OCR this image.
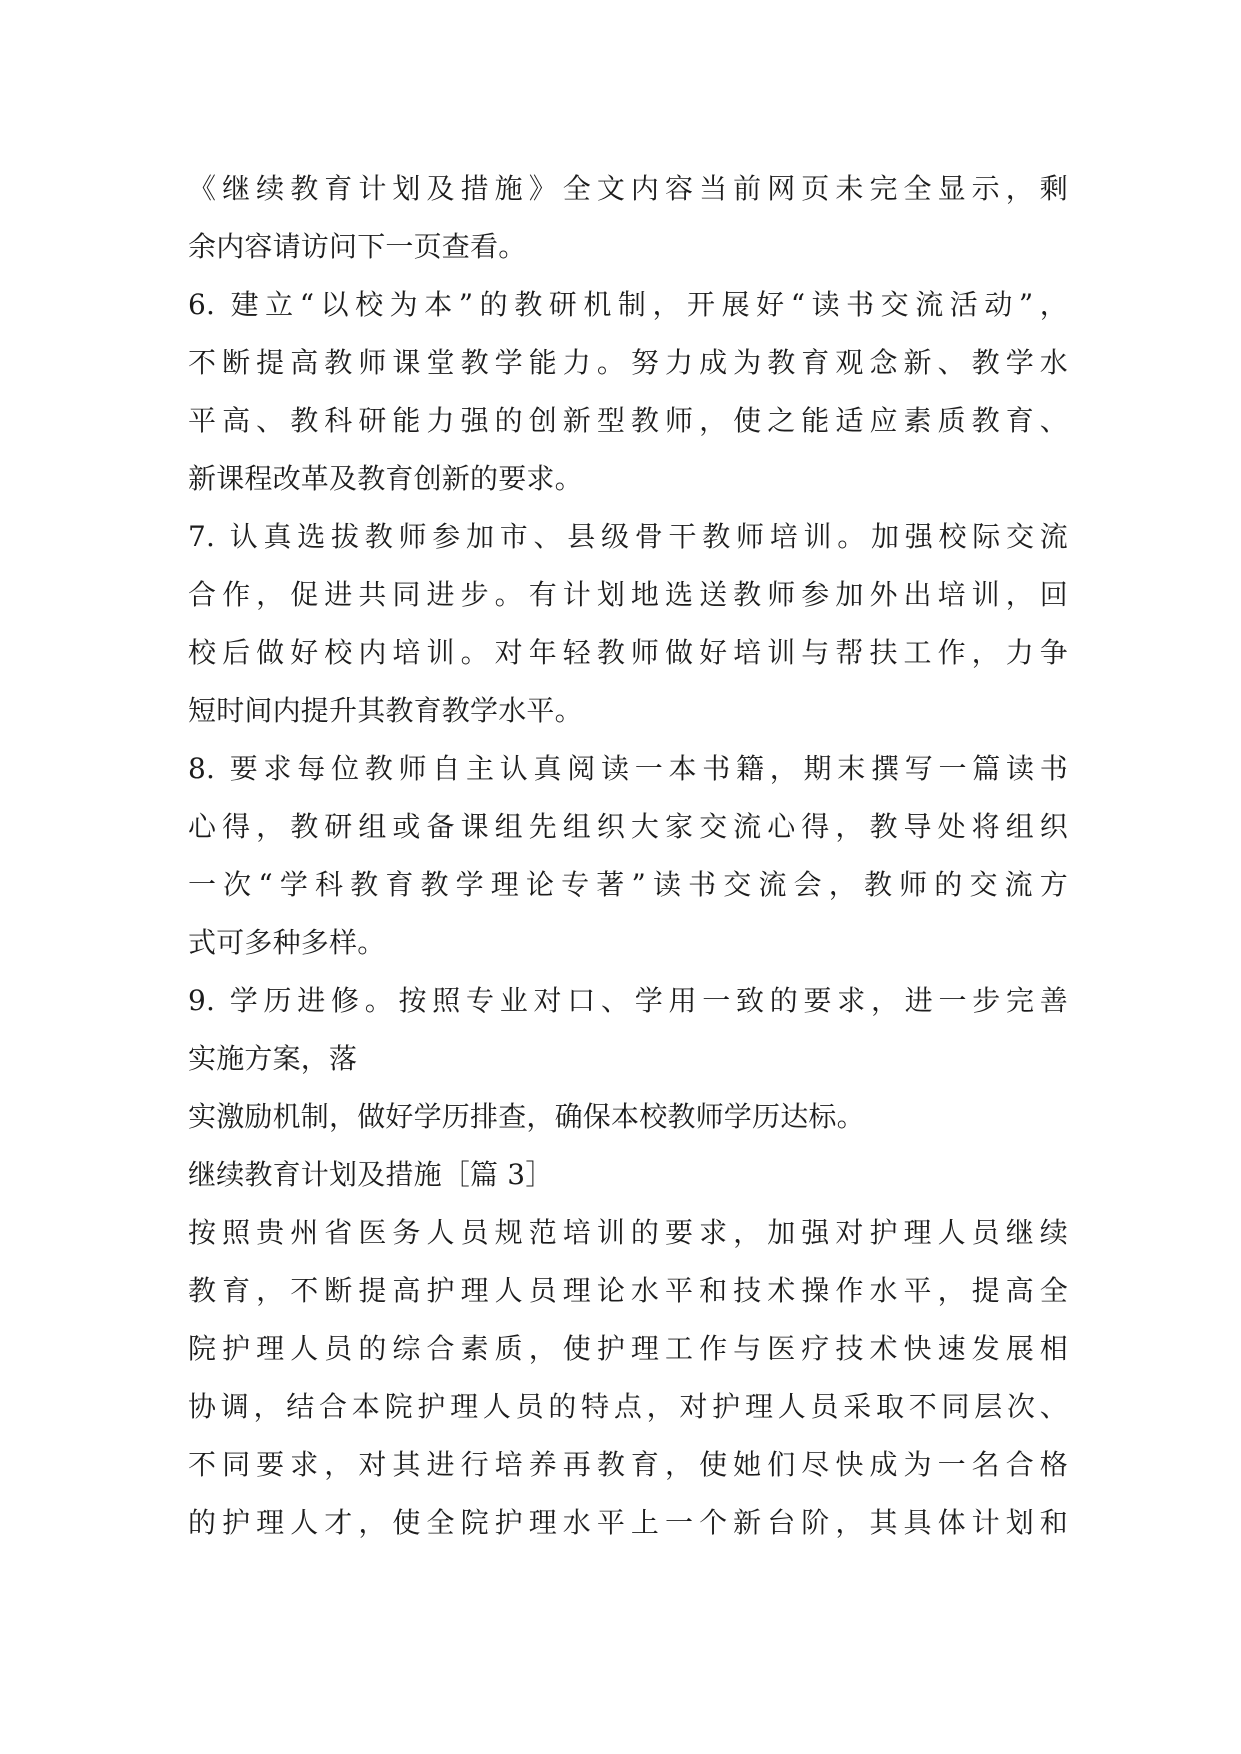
《继续教育计划及措施》全文内容当前网页未完全显示，剩
余内容请访问下一页查看。
6. 建立“以校为本”的教研机制，开展好“读书交流活动”，
不断提高教师课堂教学能力。努力成为教育观念新、教学水
平高、教科研能力强的创新型教师，使之能适应素质教育、
新课程改革及教育创新的要求。
7. 认真选拔教师参加市、县级骨干教师培训。加强校际交流
合作，促进共同进步。有计划地选送教师参加外出培训，回
校后做好校内培训。对年轻教师做好培训与帮扶工作，力争
短时间内提升其教育教学水平。
8. 要求每位教师自主认真阅读一本书籍，期末撰写一篇读书
心得，教研组或备课组先组织大家交流心得，教导处将组织
一次“学科教育教学理论专著”读书交流会，教师的交流方
式可多种多样。
9. 学历进修。按照专业对口、学用一致的要求，进一步完善
实施方案，落
实激励机制，做好学历排查，确保本校教师学历达标。
继续教育计划及措施［篇 3］
按照贵州省医务人员规范培训的要求，加强对护理人员继续
教育，不断提高护理人员理论水平和技术操作水平，提高全
院护理人员的综合素质，使护理工作与医疗技术快速发展相
协调，结合本院护理人员的特点，对护理人员采取不同层次、
不同要求，对其进行培养再教育，使她们尽快成为一名合格
的护理人才，使全院护理水平上一个新台阶，其具体计划和
